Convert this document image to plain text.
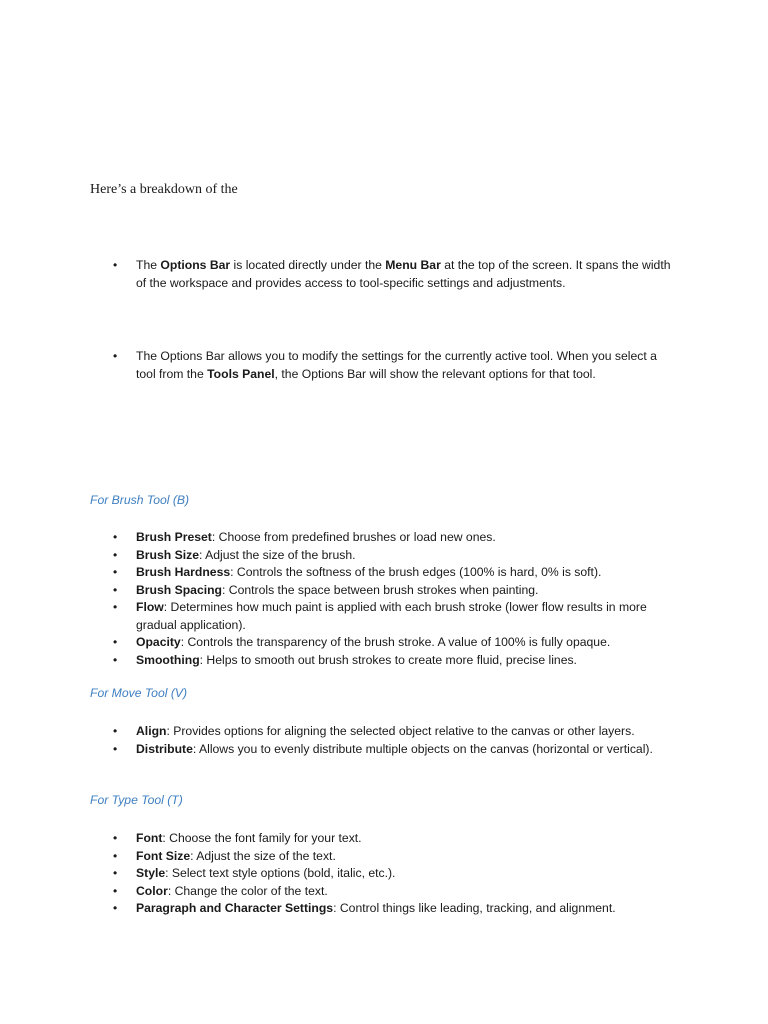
Here’s a breakdown of the

• The Options Bar is located directly under the Menu Bar at the top of the screen. It spans the width of the workspace and provides access to tool-specific settings and adjustments.
• The Options Bar allows you to modify the settings for the currently active tool. When you select a tool from the Tools Panel, the Options Bar will show the relevant options for that tool.
For Brush Tool (B)
• Brush Preset: Choose from predefined brushes or load new ones.
• Brush Size: Adjust the size of the brush.
• Brush Hardness: Controls the softness of the brush edges (100% is hard, 0% is soft).
• Brush Spacing: Controls the space between brush strokes when painting.
• Flow: Determines how much paint is applied with each brush stroke (lower flow results in more gradual application).
• Opacity: Controls the transparency of the brush stroke. A value of 100% is fully opaque.
• Smoothing: Helps to smooth out brush strokes to create more fluid, precise lines.
For Move Tool (V)
• Align: Provides options for aligning the selected object relative to the canvas or other layers.
• Distribute: Allows you to evenly distribute multiple objects on the canvas (horizontal or vertical).
For Type Tool (T)
• Font: Choose the font family for your text.
• Font Size: Adjust the size of the text.
• Style: Select text style options (bold, italic, etc.).
• Color: Change the color of the text.
• Paragraph and Character Settings: Control things like leading, tracking, and alignment.
